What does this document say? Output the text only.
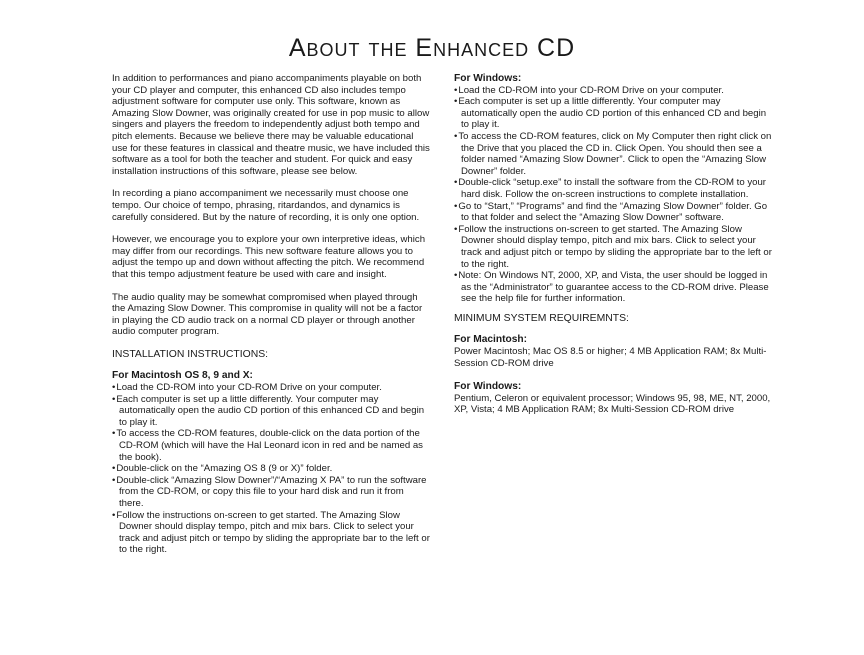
About the Enhanced CD

In addition to performances and piano accompaniments playable on both your CD player and computer, this enhanced CD also includes tempo adjustment software for computer use only. This software, known as Amazing Slow Downer, was originally created for use in pop music to allow singers and players the freedom to independently adjust both tempo and pitch elements. Because we believe there may be valuable educational use for these features in classical and theatre music, we have included this software as a tool for both the teacher and student. For quick and easy installation instructions of this software, please see below.

In recording a piano accompaniment we necessarily must choose one tempo. Our choice of tempo, phrasing, ritardandos, and dynamics is carefully considered. But by the nature of recording, it is only one option.

However, we encourage you to explore your own interpretive ideas, which may differ from our recordings. This new software feature allows you to adjust the tempo up and down without affecting the pitch. We recommend that this tempo adjustment feature be used with care and insight.

The audio quality may be somewhat compromised when played through the Amazing Slow Downer. This compromise in quality will not be a factor in playing the CD audio track on a normal CD player or through another audio computer program.

INSTALLATION INSTRUCTIONS:
For Macintosh OS 8, 9 and X:
• Load the CD-ROM into your CD-ROM Drive on your computer.
• Each computer is set up a little differently. Your computer may automatically open the audio CD portion of this enhanced CD and begin to play it.
• To access the CD-ROM features, double-click on the data portion of the CD-ROM (which will have the Hal Leonard icon in red and be named as the book).
• Double-click on the “Amazing OS 8 (9 or X)” folder.
• Double-click “Amazing Slow Downer”/“Amazing X PA” to run the software from the CD-ROM, or copy this file to your hard disk and run it from there.
• Follow the instructions on-screen to get started. The Amazing Slow Downer should display tempo, pitch and mix bars. Click to select your track and adjust pitch or tempo by sliding the appropriate bar to the left or to the right.
For Windows:
• Load the CD-ROM into your CD-ROM Drive on your computer.
• Each computer is set up a little differently. Your computer may automatically open the audio CD portion of this enhanced CD and begin to play it.
• To access the CD-ROM features, click on My Computer then right click on the Drive that you placed the CD in. Click Open. You should then see a folder named “Amazing Slow Downer”. Click to open the “Amazing Slow Downer” folder.
• Double-click “setup.exe” to install the software from the CD-ROM to your hard disk. Follow the on-screen instructions to complete installation.
• Go to “Start,” “Programs” and find the “Amazing Slow Downer” folder. Go to that folder and select the “Amazing Slow Downer” software.
• Follow the instructions on-screen to get started. The Amazing Slow Downer should display tempo, pitch and mix bars. Click to select your track and adjust pitch or tempo by sliding the appropriate bar to the left or to the right.
• Note: On Windows NT, 2000, XP, and Vista, the user should be logged in as the “Administrator” to guarantee access to the CD-ROM drive. Please see the help file for further information.
MINIMUM SYSTEM REQUIREMNTS:
For Macintosh:

Power Macintosh; Mac OS 8.5 or higher; 4 MB Application RAM; 8x Multi-Session CD-ROM drive

For Windows:

Pentium, Celeron or equivalent processor; Windows 95, 98, ME, NT, 2000, XP, Vista; 4 MB Application RAM; 8x Multi-Session CD-ROM drive
